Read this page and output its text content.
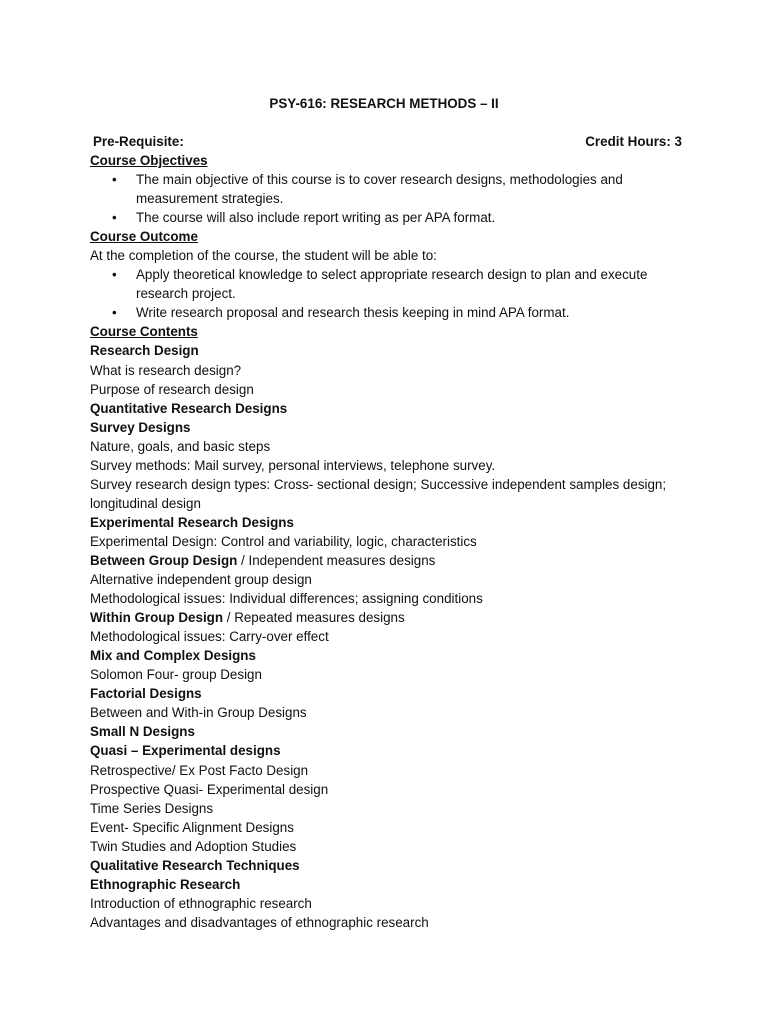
PSY-616: RESEARCH METHODS – II
Pre-Requisite:	Credit Hours: 3

Course Objectives

• The main objective of this course is to cover research designs, methodologies and measurement strategies.
• The course will also include report writing as per APA format.

Course Outcome

At the completion of the course, the student will be able to:

• Apply theoretical knowledge to select appropriate research design to plan and execute research project.
• Write research proposal and research thesis keeping in mind APA format.

Course Contents

Research Design

What is research design?

Purpose of research design

Quantitative Research Designs

Survey Designs

Nature, goals, and basic steps

Survey methods: Mail survey, personal interviews, telephone survey.

Survey research design types: Cross- sectional design; Successive independent samples design;

longitudinal design

Experimental Research Designs

Experimental Design: Control and variability, logic, characteristics

Between Group Design / Independent measures designs

Alternative independent group design

Methodological issues: Individual differences; assigning conditions

Within Group Design / Repeated measures designs

Methodological issues: Carry-over effect

Mix and Complex Designs

Solomon Four- group Design

Factorial Designs

Between and With-in Group Designs

Small N Designs

Quasi – Experimental designs

Retrospective/ Ex Post Facto Design

Prospective Quasi- Experimental design

Time Series Designs

Event- Specific Alignment Designs

Twin Studies and Adoption Studies

Qualitative Research Techniques

Ethnographic Research

Introduction of ethnographic research

Advantages and disadvantages of ethnographic research
